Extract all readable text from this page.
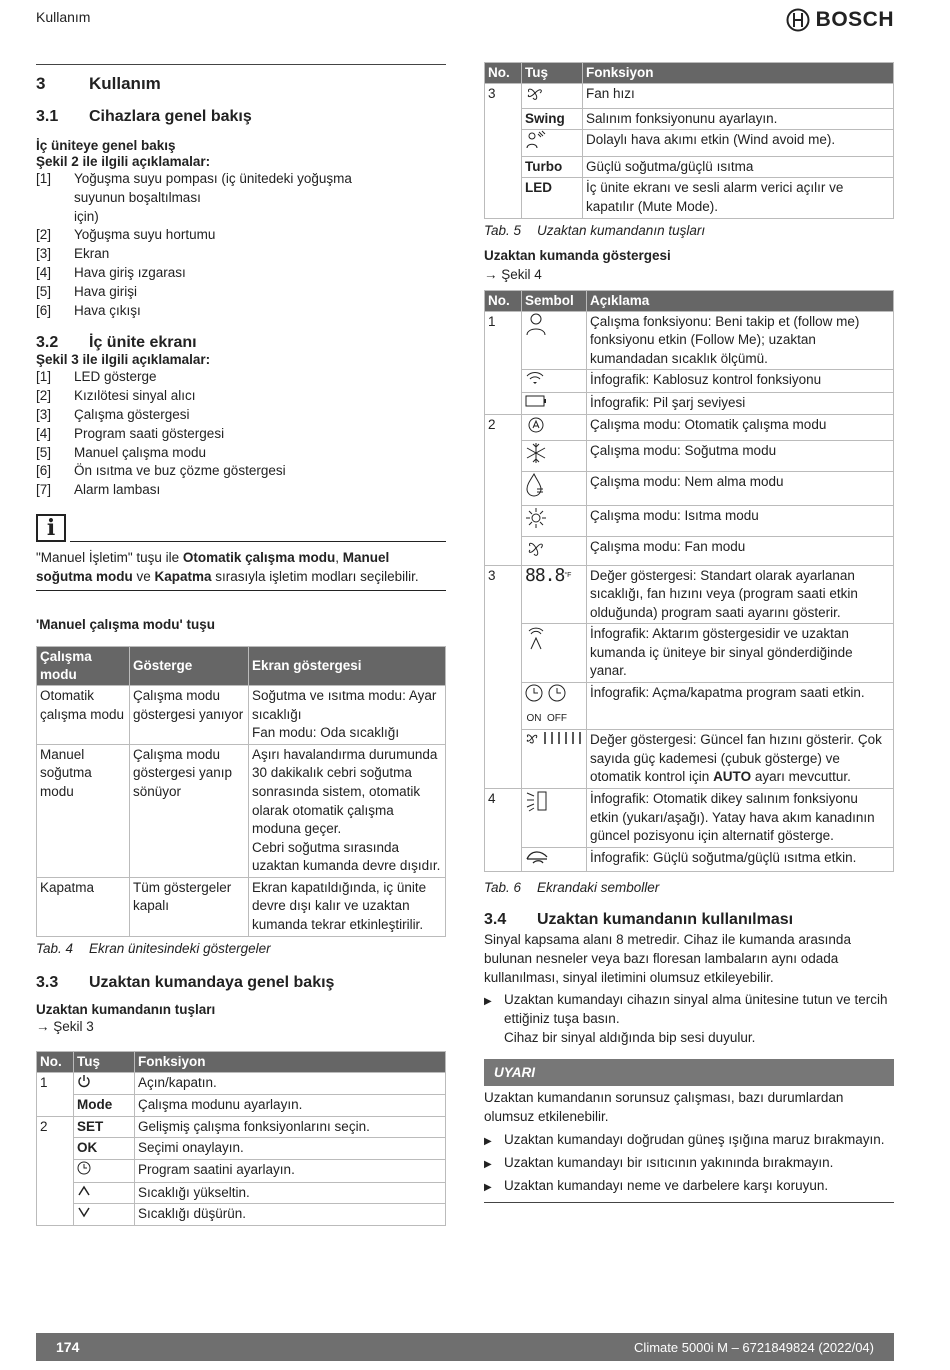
Kullanım	BOSCH
3	Kullanım
3.1	Cihazlara genel bakış
İç üniteye genel bakış
Şekil 2 ile ilgili açıklamalar:
[1]	Yoğuşma suyu pompası (iç ünitedeki yoğuşma suyunun boşaltılması
için)
[2]	Yoğuşma suyu hortumu
[3]	Ekran
[4]	Hava giriş ızgarası
[5]	Hava girişi
[6]	Hava çıkışı
3.2	İç ünite ekranı
Şekil 3 ile ilgili açıklamalar:
[1]	LED gösterge
[2]	Kızılötesi sinyal alıcı
[3]	Çalışma göstergesi
[4]	Program saati göstergesi
[5]	Manuel çalışma modu
[6]	Ön ısıtma ve buz çözme göstergesi
[7]	Alarm lambası
i
"Manuel İşletim" tuşu ile Otomatik çalışma modu, Manuel soğutma modu ve Kapatma sırasıyla işletim modları seçilebilir.
'Manuel çalışma modu' tuşu
Çalışma modu	Gösterge	Ekran göstergesi
Otomatik çalışma modu	Çalışma modu göstergesi yanıyor	Soğutma ve ısıtma modu: Ayar sıcaklığı
Fan modu: Oda sıcaklığı

Manuel soğutma modu	Çalışma modu göstergesi yanıp sönüyor	Aşırı havalandırma durumunda 30 dakikalık cebri soğutma sonrasında sistem, otomatik olarak otomatik çalışma moduna geçer.
Cebri soğutma sırasında uzaktan kumanda devre dışıdır.

Kapatma	Tüm göstergeler kapalı	Ekran kapatıldığında, iç ünite devre dışı kalır ve uzaktan kumanda tekrar etkinleştirilir.
Tab. 4	Ekran ünitesindeki göstergeler
3.3	Uzaktan kumandaya genel bakış
Uzaktan kumandanın tuşları
→ Şekil 3
No.	Tuş	Fonksiyon
1		Açın/kapatın.
	Mode	Çalışma modunu ayarlayın.
2	SET	Gelişmiş çalışma fonksiyonlarını seçin.
	OK	Seçimi onaylayın.
		Program saatini ayarlayın.
		Sıcaklığı yükseltin.
		Sıcaklığı düşürün.
No.	Tuş	Fonksiyon
3		Fan hızı
	Swing	Salınım fonksiyonunu ayarlayın.
		Dolaylı hava akımı etkin (Wind avoid me).
	Turbo	Güçlü soğutma/güçlü ısıtma
	LED	İç ünite ekranı ve sesli alarm verici açılır ve kapatılır (Mute Mode).
Tab. 5	Uzaktan kumandanın tuşları
Uzaktan kumanda göstergesi
→ Şekil 4
No.	Sembol	Açıklama
1		Çalışma fonksiyonu: Beni takip et (follow me) fonksiyonu etkin (Follow Me); uzaktan kumandadan sıcaklık ölçümü.
		İnfografik: Kablosuz kontrol fonksiyonu
		İnfografik: Pil şarj seviyesi
2		Çalışma modu: Otomatik çalışma modu
		Çalışma modu: Soğutma modu
		Çalışma modu: Nem alma modu
		Çalışma modu: Isıtma modu
		Çalışma modu: Fan modu
3	$88.8^{^\circ F}$	Değer göstergesi: Standart olarak ayarlanan sıcaklığı, fan hızını veya (program saati etkin olduğunda) program saati ayarını gösterir.
		İnfografik: Aktarım göstergesidir ve uzaktan kumanda iç üniteye bir sinyal gönderdiğinde yanar.

	ON OFF	İnfografik: Açma/kapatma program saati etkin.
		Değer göstergesi: Güncel fan hızını gösterir. Çok sayıda güç kademesi (çubuk gösterge) ve otomatik kontrol için AUTO ayarı mevcuttur.
4		İnfografik: Otomatik dikey salınım fonksiyonu etkin (yukarı/aşağı). Yatay hava akım kanadının güncel pozisyonu için alternatif gösterge.
		İnfografik: Güçlü soğutma/güçlü ısıtma etkin.
Tab. 6	Ekrandaki semboller
3.4	Uzaktan kumandanın kullanılması
Sinyal kapsama alanı 8 metredir. Cihaz ile kumanda arasında bulunan nesneler veya bazı floresan lambaların aynı odada kullanılması, sinyal iletimini olumsuz etkileyebilir.
▶ Uzaktan kumandayı cihazın sinyal alma ünitesine tutun ve tercih ettiğiniz tuşa basın.
Cihaz bir sinyal aldığında bip sesi duyulur.
UYARI
Uzaktan kumandanın sorunsuz çalışması, bazı durumlardan olumsuz etkilenebilir.
▶ Uzaktan kumandayı doğrudan güneş ışığına maruz bırakmayın.
▶ Uzaktan kumandayı bir ısıtıcının yakınında bırakmayın.
▶ Uzaktan kumandayı neme ve darbelere karşı koruyun.
174	Climate 5000i M – 6721849824 (2022/04)
